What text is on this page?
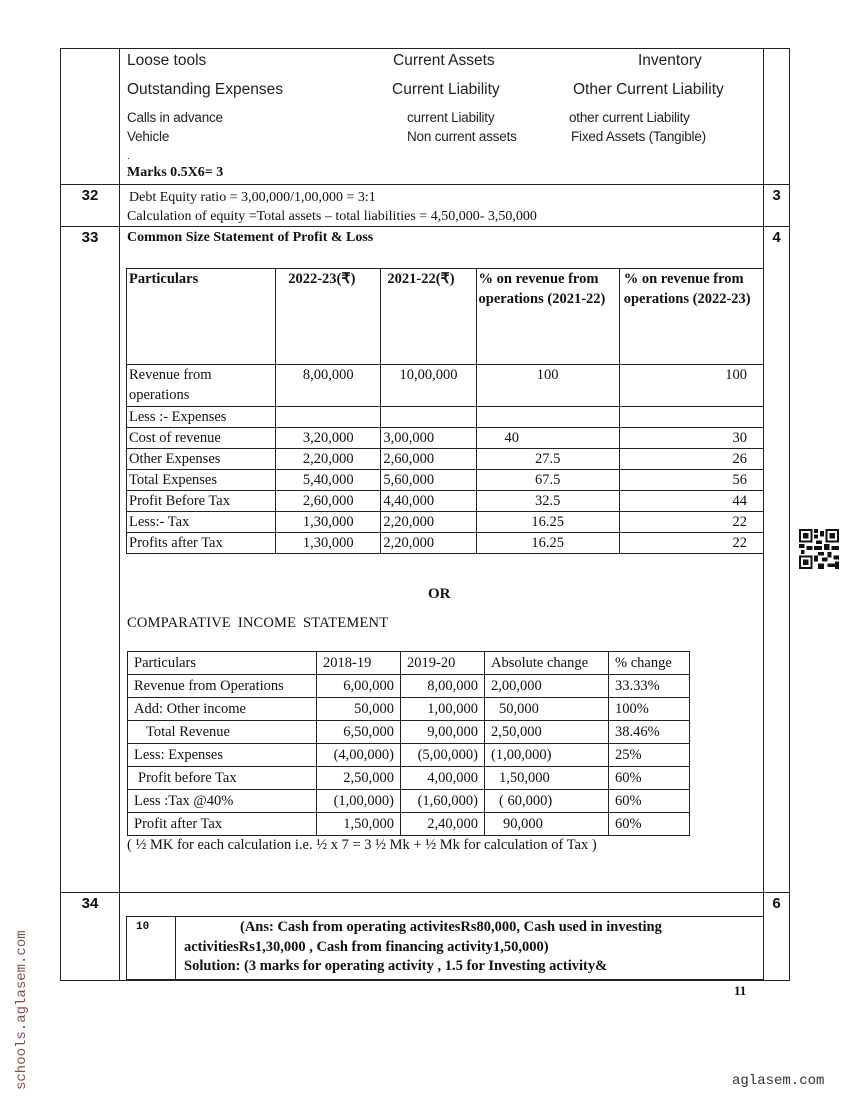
Loose tools	Current Assets	Inventory
Outstanding Expenses	Current Liability	Other Current Liability
Calls in advance	current Liability	other current Liability
Vehicle	Non current assets	Fixed Assets (Tangible)
.
Marks 0.5X6= 3

32	Debt Equity ratio = 3,00,000/1,00,000 = 3:1
Calculation of equity =Total assets – total liabilities = 4,50,000- 3,50,000
	3
33	Common Size Statement of Profit & Loss
Particulars	2022-23(₹)	2021-22(₹)	% on revenue from operations (2021-22)	% on revenue from operations (2022-23)
Revenue from operations	8,00,000	10,00,000	100	100
Less :- Expenses				
Cost of revenue	3,20,000	3,00,000	40	30
Other Expenses	2,20,000	2,60,000	27.5	26
Total Expenses	5,40,000	5,60,000	67.5	56
Profit Before Tax	2,60,000	4,40,000	32.5	44
Less:- Tax	1,30,000	2,20,000	16.25	22
Profits after Tax	1,30,000	2,20,000	16.25	22
OR
COMPARATIVE INCOME STATEMENT
Particulars	2018-19	2019-20	Absolute change	% change
Revenue from Operations	6,00,000	8,00,000	2,00,000	33.33%
Add: Other income	50,000	1,00,000	50,000	100%
Total Revenue	6,50,000	9,00,000	2,50,000	38.46%
Less: Expenses	(4,00,000)	(5,00,000)	(1,00,000)	25%
Profit before Tax	2,50,000	4,00,000	1,50,000	60%
Less :Tax @40%	(1,00,000)	(1,60,000)	( 60,000)	60%
Profit after Tax	1,50,000	2,40,000	90,000	60%
( ½ MK for each calculation i.e. ½ x 7 = 3 ½ Mk + ½ Mk for calculation of Tax )
	4
34	
10	(Ans: Cash from operating activitesRs80,000, Cash used in investing
activitiesRs1,30,000 , Cash from financing activity1,50,000)
Solution: (3 marks for operating activity , 1.5 for Investing activity&
	6
11
aglasem.com
schools.aglasem.com
